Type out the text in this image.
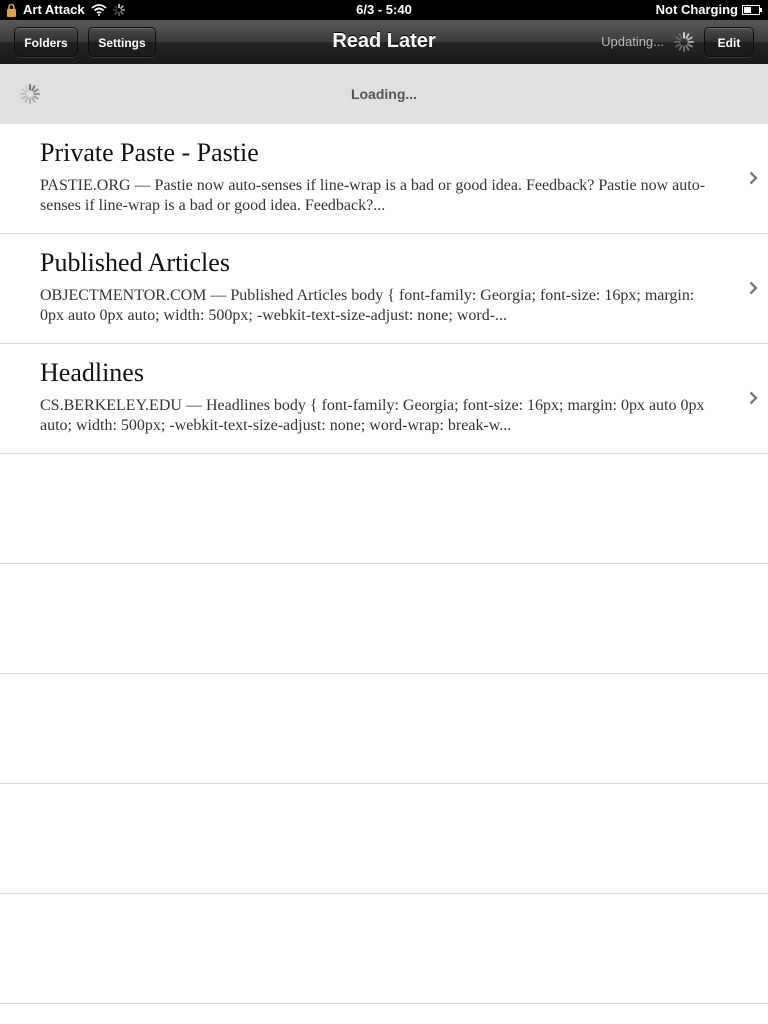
Art Attack	6/3 - 5:40	Not Charging
Read Later
Folders	Settings	Updating...	Edit
Loading...
Private Paste - Pastie
PASTIE.ORG — Pastie now auto-senses if line-wrap is a bad or good idea. Feedback? Pastie now auto-senses if line-wrap is a bad or good idea. Feedback?...
Published Articles
OBJECTMENTOR.COM — Published Articles body { font-family: Georgia; font-size: 16px; margin: 0px auto 0px auto; width: 500px; -webkit-text-size-adjust: none; word-...
Headlines
CS.BERKELEY.EDU — Headlines body { font-family: Georgia; font-size: 16px; margin: 0px auto 0px auto; width: 500px; -webkit-text-size-adjust: none; word-wrap: break-w...
